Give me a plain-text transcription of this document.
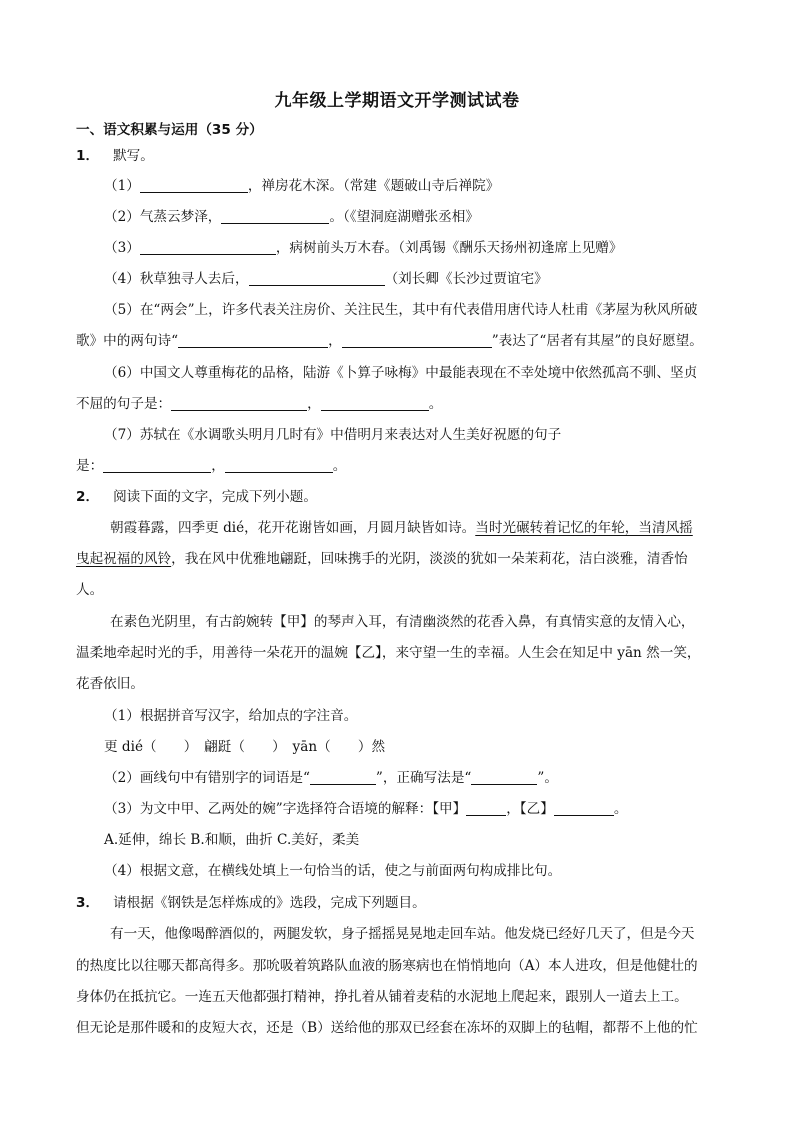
九年级上学期语文开学测试试卷
一、语文积累与运用（35 分）
1． 默写。
（1）	，禅房花木深。（常建《题破山寺后禅院》
（2）气蒸云梦泽，	。（《望洞庭湖赠张丞相》
（3）	，病树前头万木春。（刘禹锡《酬乐天扬州初逢席上见赠》
（4）秋草独寻人去后，	（刘长卿《长沙过贾谊宅》
（5）在“两会”上，许多代表关注房价、关注民生，其中有代表借用唐代诗人杜甫《茅屋为秋风所破
歌》中的两句诗“	，	”表达了“居者有其屋”的良好愿望。
（6）中国文人尊重梅花的品格，陆游《卜算子咏梅》中最能表现在不幸处境中依然孤高不驯、坚贞
不屈的句子是：	，	。
（7）苏轼在《水调歌头明月几时有》中借明月来表达对人生美好祝愿的句子
是：	，	。
2． 阅读下面的文字，完成下列小题。
朝霞暮露，四季更 dié，花开花谢皆如画，月圆月缺皆如诗。当时光碾转着记忆的年轮，当清风摇
曳起祝福的风铃，我在风中优雅地翩跹，回味携手的光阴，淡淡的犹如一朵茉莉花，洁白淡雅，清香怡
人。
在素色光阴里，有古韵婉转【甲】的琴声入耳，有清幽淡然的花香入鼻，有真情实意的友情入心，
温柔地牵起时光的手，用善待一朵花开的温婉【乙】，来守望一生的幸福。人生会在知足中 yān 然一笑，
花香依旧。
（1）根据拼音写汉字，给加点的字注音。
更 dié（　　）　翩跹（　　）　yān（　　）然
（2）画线句中有错别字的词语是“	”，正确写法是“	”。
（3）为文中甲、乙两处的婉”字选择符合语境的解释：【甲】	，【乙】	。
A.延伸，绵长 B.和顺，曲折 C.美好，柔美
（4）根据文意，在横线处填上一句恰当的话，使之与前面两句构成排比句。
3． 请根据《钢铁是怎样炼成的》选段，完成下列题目。
有一天，他像喝醉酒似的，两腿发软，身子摇摇晃晃地走回车站。他发烧已经好几天了，但是今天
的热度比以往哪天都高得多。那吮吸着筑路队血液的肠寒病也在悄悄地向（A）本人进攻，但是他健壮的
身体仍在抵抗它。一连五天他都强打精神，挣扎着从铺着麦秸的水泥地上爬起来，跟别人一道去上工。
但无论是那件暖和的皮短大衣，还是（B）送给他的那双已经套在冻坏的双脚上的毡帽，都帮不上他的忙
